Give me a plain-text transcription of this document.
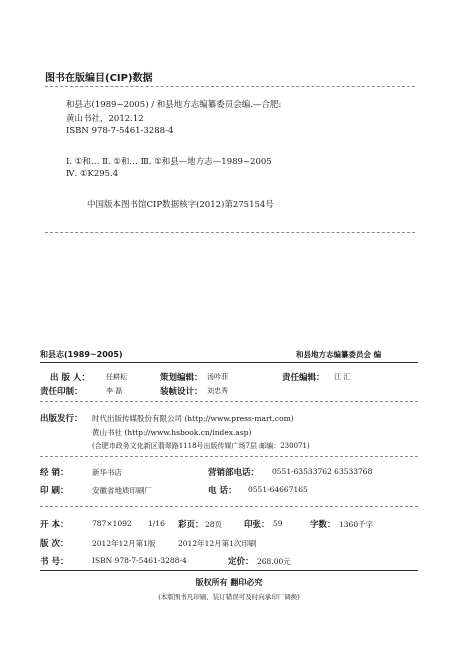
图书在版编目(CIP)数据
和县志(1989~2005) / 和县地方志编纂委员会编.—合肥:
黄山书社，2012.12
ISBN 978-7-5461-3288-4
Ⅰ. ①和… Ⅱ. ①和… Ⅲ. ①和县—地方志—1989~2005
Ⅳ. ①K295.4
中国版本图书馆CIP数据核字(2012)第275154号
和县志(1989~2005)	和县地方志编纂委员会 编
出 版 人： 任耕耘	策划编辑： 汤吟菲	责任编辑： 江 汇
责任印制：	李 磊	装帧设计： 刘忠秀
出版发行： 时代出版传媒股份有限公司 (http://www.press-mart.com)
黄山书社 (http://www.hsbook.cn/index.asp)
(合肥市政务文化新区翡翠路1118号出版传媒广场7层 邮编：230071)
经 销：	新华书店	营销部电话： 0551-63533762 63533768
印 刷：	安徽省地质印刷厂	电 话： 0551-64667165
开 本：	787×1092 1/16 彩页： 28页	印张： 59	字数： 1360千字
版 次：	2012年12月第1版	2012年12月第1次印刷
书 号：	ISBN 978-7-5461-3288-4	定价： 268.00元
版权所有 翻印必究
(本版图书凡印刷、装订错误可及时向承印厂调换)
